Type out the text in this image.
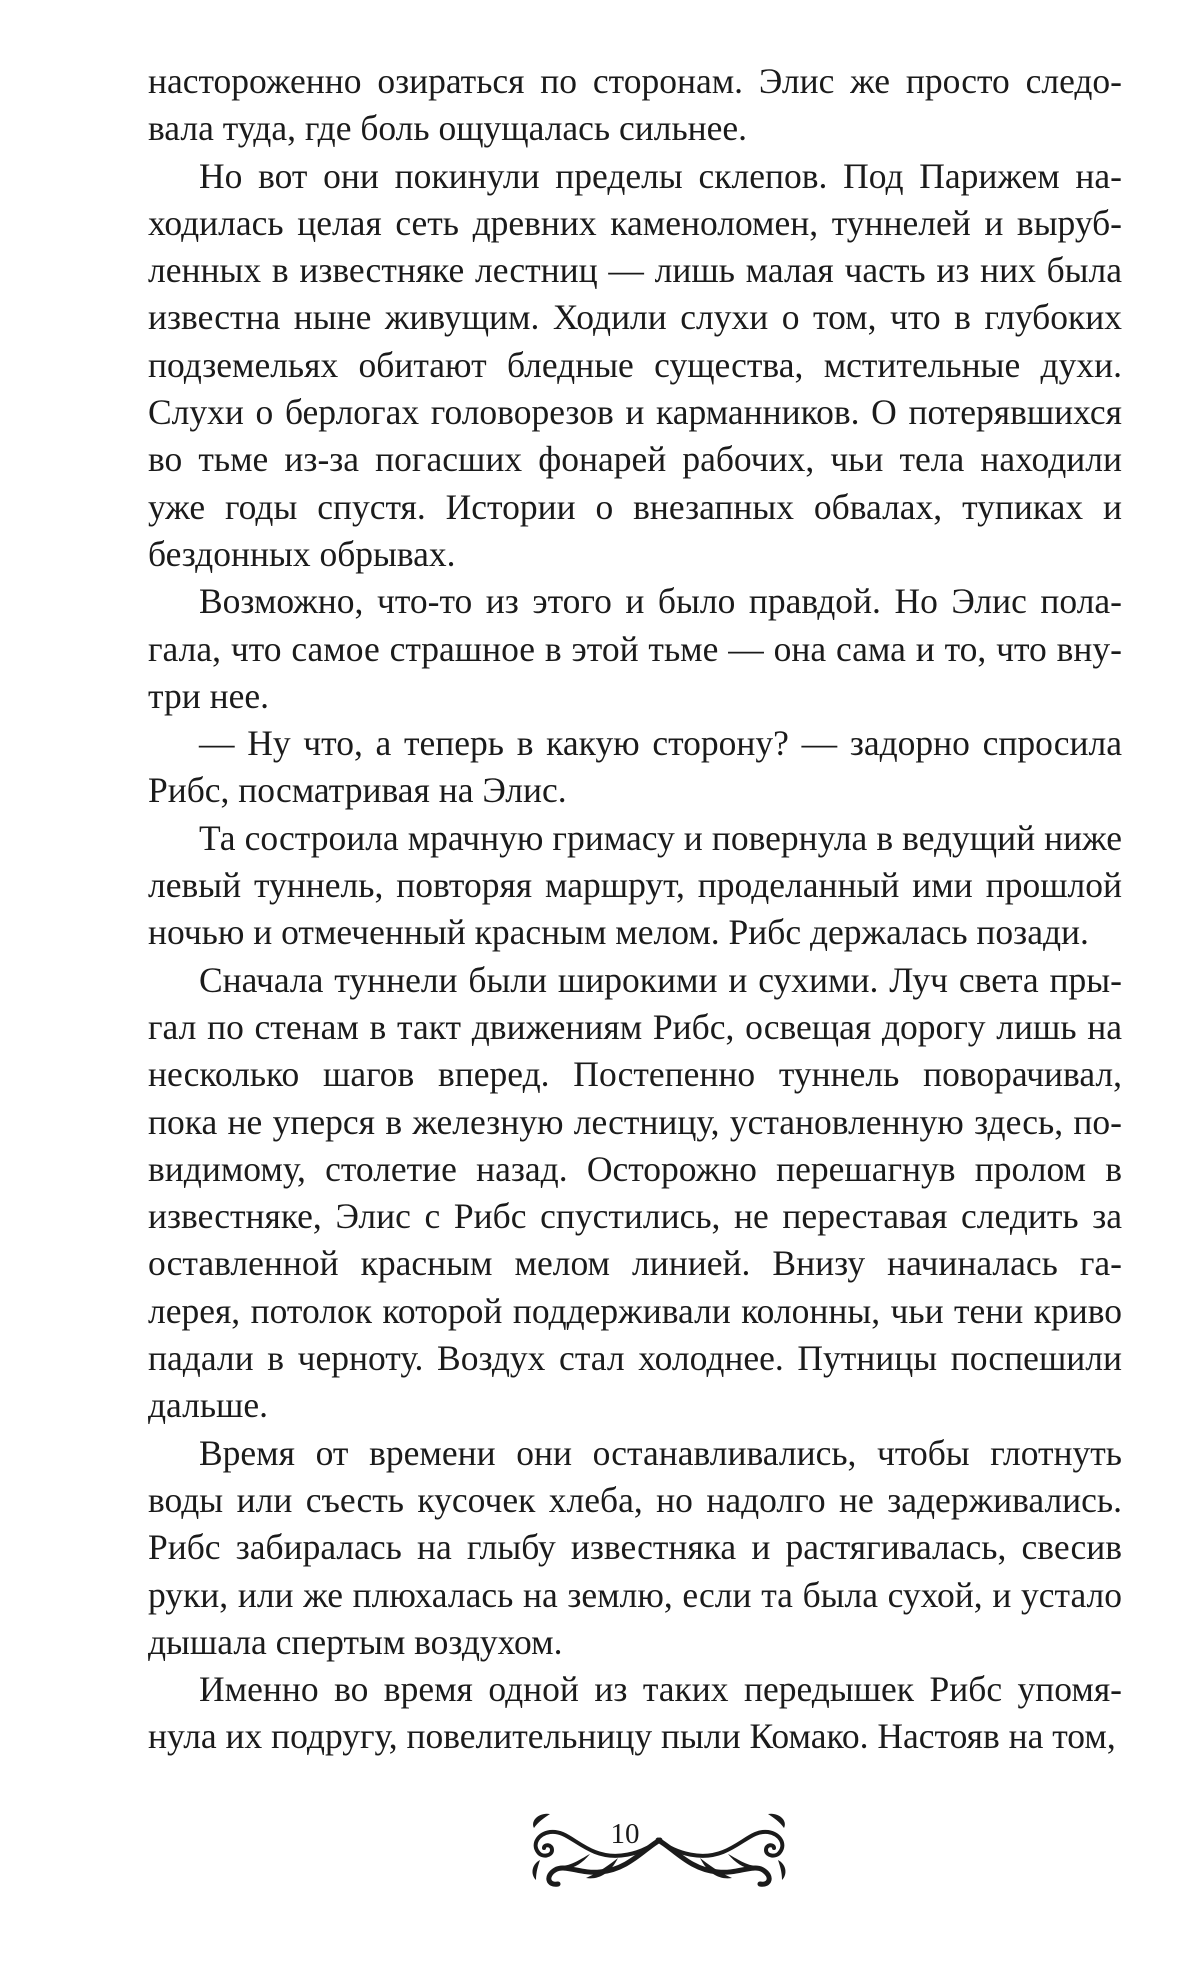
настороженно озираться по сторонам. Элис же просто следовала туда, где боль ощущалась сильнее.

Но вот они покинули пределы склепов. Под Парижем находилась целая сеть древних каменоломен, туннелей и вырубленных в известняке лестниц — лишь малая часть из них была известна ныне живущим. Ходили слухи о том, что в глубоких подземельях обитают бледные существа, мстительные духи. Слухи о берлогах головорезов и карманников. О потерявшихся во тьме из-за погасших фонарей рабочих, чьи тела находили уже годы спустя. Истории о внезапных обвалах, тупиках и бездонных обрывах.

Возможно, что-то из этого и было правдой. Но Элис полагала, что самое страшное в этой тьме — она сама и то, что внутри нее.

— Ну что, а теперь в какую сторону? — задорно спросила Рибс, посматривая на Элис.

Та состроила мрачную гримасу и повернула в ведущий ниже левый туннель, повторяя маршрут, проделанный ими прошлой ночью и отмеченный красным мелом. Рибс держалась позади.

Сначала туннели были широкими и сухими. Луч света прыгал по стенам в такт движениям Рибс, освещая дорогу лишь на несколько шагов вперед. Постепенно туннель поворачивал, пока не уперся в железную лестницу, установленную здесь, по-видимому, столетие назад. Осторожно перешагнув пролом в известняке, Элис с Рибс спустились, не переставая следить за оставленной красным мелом линией. Внизу начиналась галерея, потолок которой поддерживали колонны, чьи тени криво падали в черноту. Воздух стал холоднее. Путницы поспешили дальше.

Время от времени они останавливались, чтобы глотнуть воды или съесть кусочек хлеба, но надолго не задерживались. Рибс забиралась на глыбу известняка и растягивалась, свесив руки, или же плюхалась на землю, если та была сухой, и устало дышала спертым воздухом.

Именно во время одной из таких передышек Рибс упомянула их подругу, повелительницу пыли Комако. Настояв на том,

10
